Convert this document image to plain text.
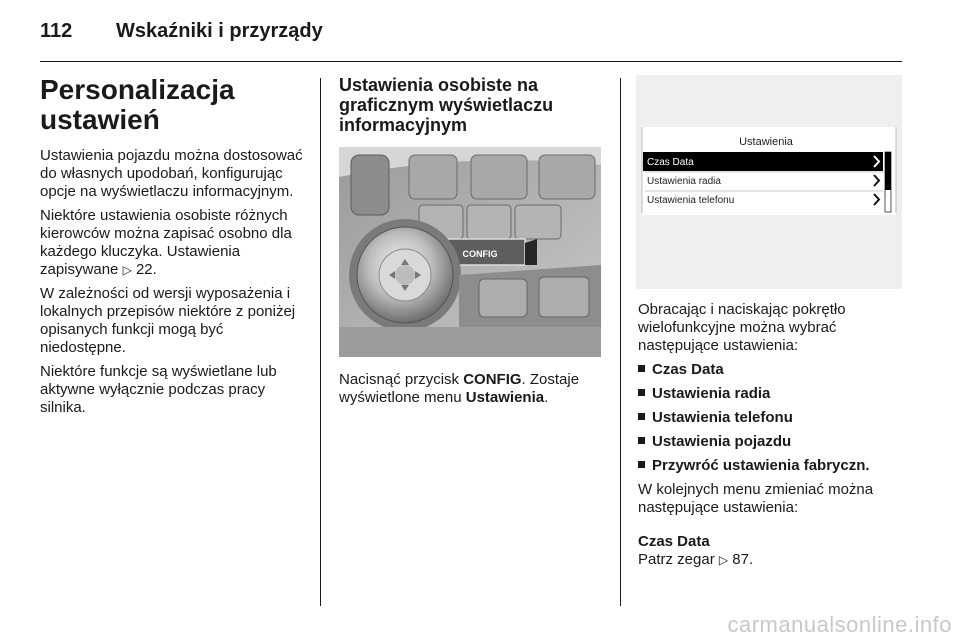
112 Wskaźniki i przyrządy
Personalizacja ustawień

Ustawienia pojazdu można dostosować do własnych upodobań, konfigurując opcje na wyświetlaczu informacyjnym.

Niektóre ustawienia osobiste różnych kierowców można zapisać osobno dla każdego kluczyka. Ustawienia zapisywane ▷ 22.

W zależności od wersji wyposażenia i lokalnych przepisów niektóre z poniżej opisanych funkcji mogą być niedostępne.

Niektóre funkcje są wyświetlane lub aktywne wyłącznie podczas pracy silnika.

Ustawienia osobiste na graficznym wyświetlaczu informacyjnym
CONFIG

Nacisnąć przycisk CONFIG. Zostaje wyświetlone menu Ustawienia.

Ustawienia
Czas Data
Ustawienia radia
Ustawienia telefonu

Obracając i naciskając pokrętło wielofunkcyjne można wybrać następujące ustawienia:

Czas Data
Ustawienia radia
Ustawienia telefonu
Ustawienia pojazdu
Przywróć ustawienia fabryczn.

W kolejnych menu zmieniać można następujące ustawienia:

Czas Data

Patrz zegar ▷ 87.

carmanualsonline.info
